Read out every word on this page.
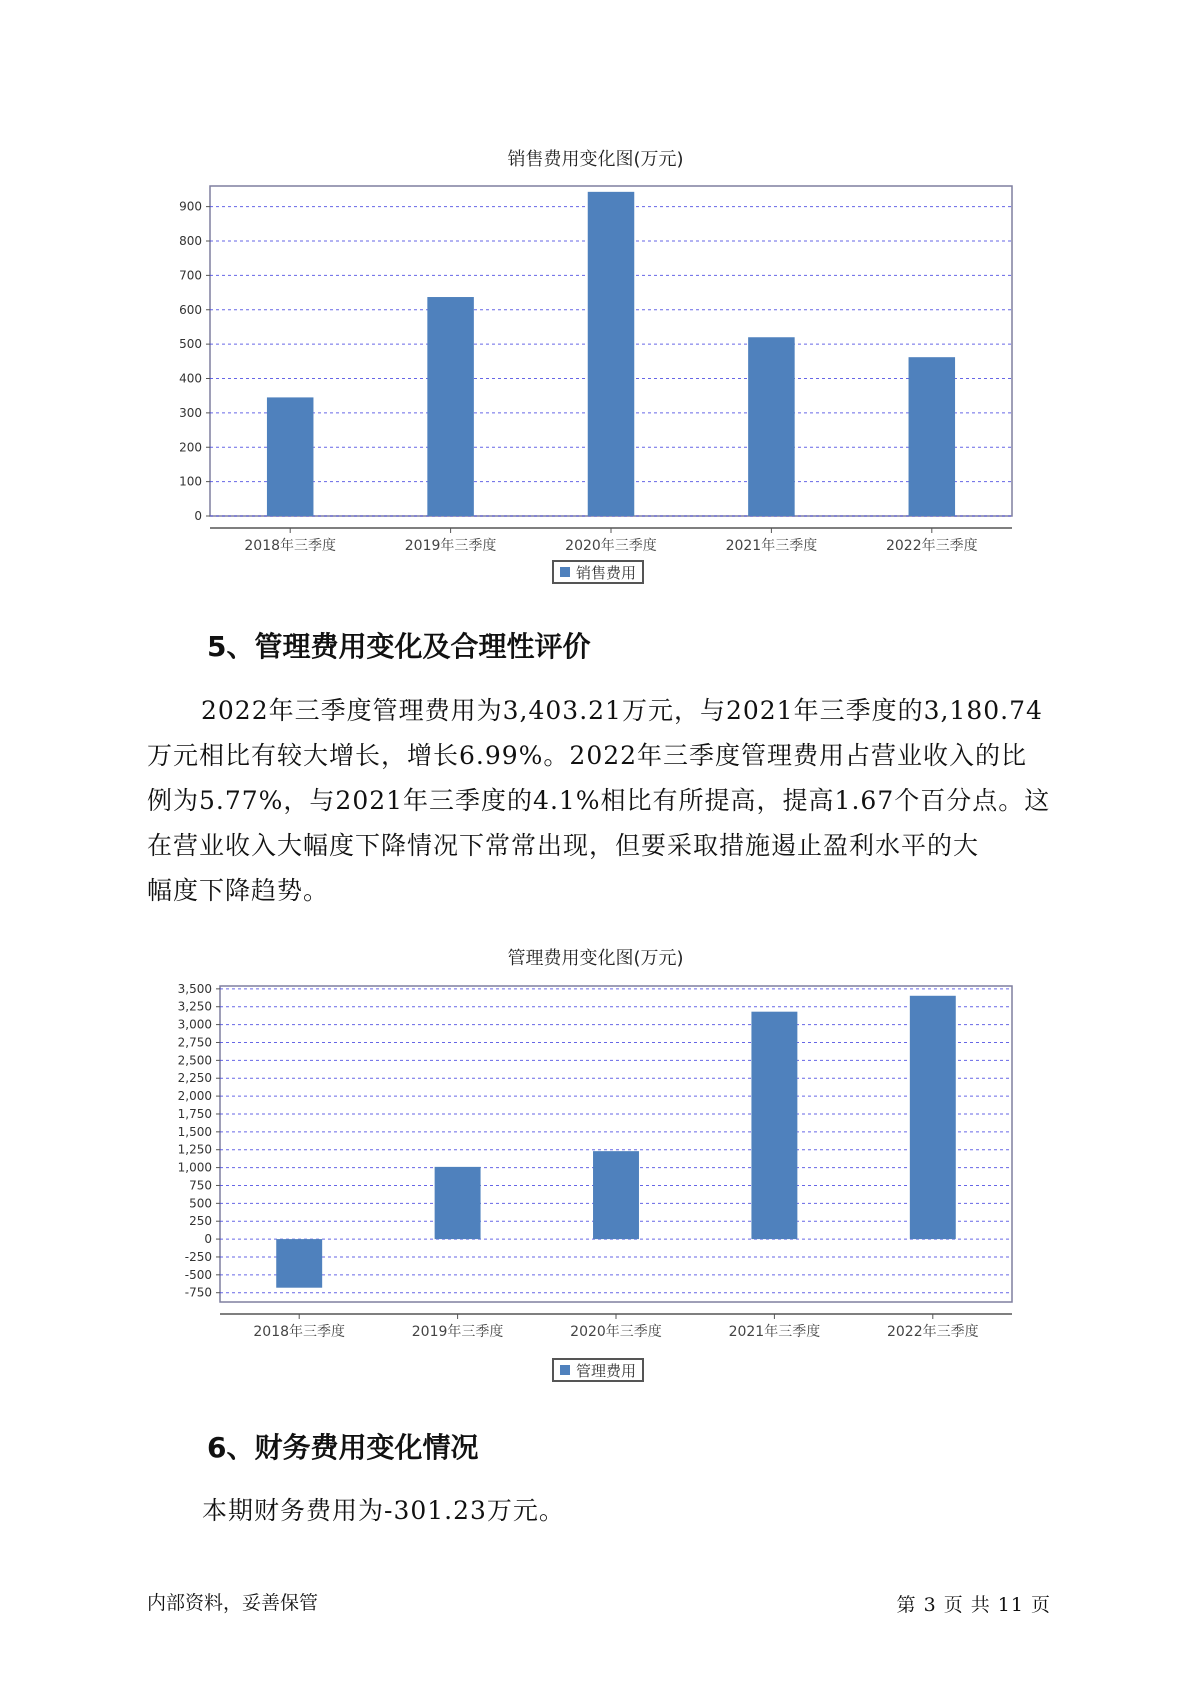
销售费用变化图(万元)
0
100
200
300
400
500
600
700
800
900
2018年三季度	2019年三季度	2020年三季度	2021年三季度	2022年三季度
销售费用
5、管理费用变化及合理性评价

2022年三季度管理费用为3,403.21万元，与2021年三季度的3,180.74

万元相比有较大增长，增长6.99%。2022年三季度管理费用占营业收入的比
例为5.77%，与2021年三季度的4.1%相比有所提高，提高1.67个百分点。这
在营业收入大幅度下降情况下常常出现，但要采取措施遏止盈利水平的大
幅度下降趋势。

管理费用变化图(万元)
-750
-500
-250
0
250
500
750
1,000
1,250
1,500
1,750
2,000
2,250
2,500
2,750
3,000
3,250
3,500
2018年三季度	2019年三季度	2020年三季度	2021年三季度	2022年三季度
管理费用
6、财务费用变化情况

本期财务费用为-301.23万元。

内部资料，妥善保管	第 3 页 共 11 页
